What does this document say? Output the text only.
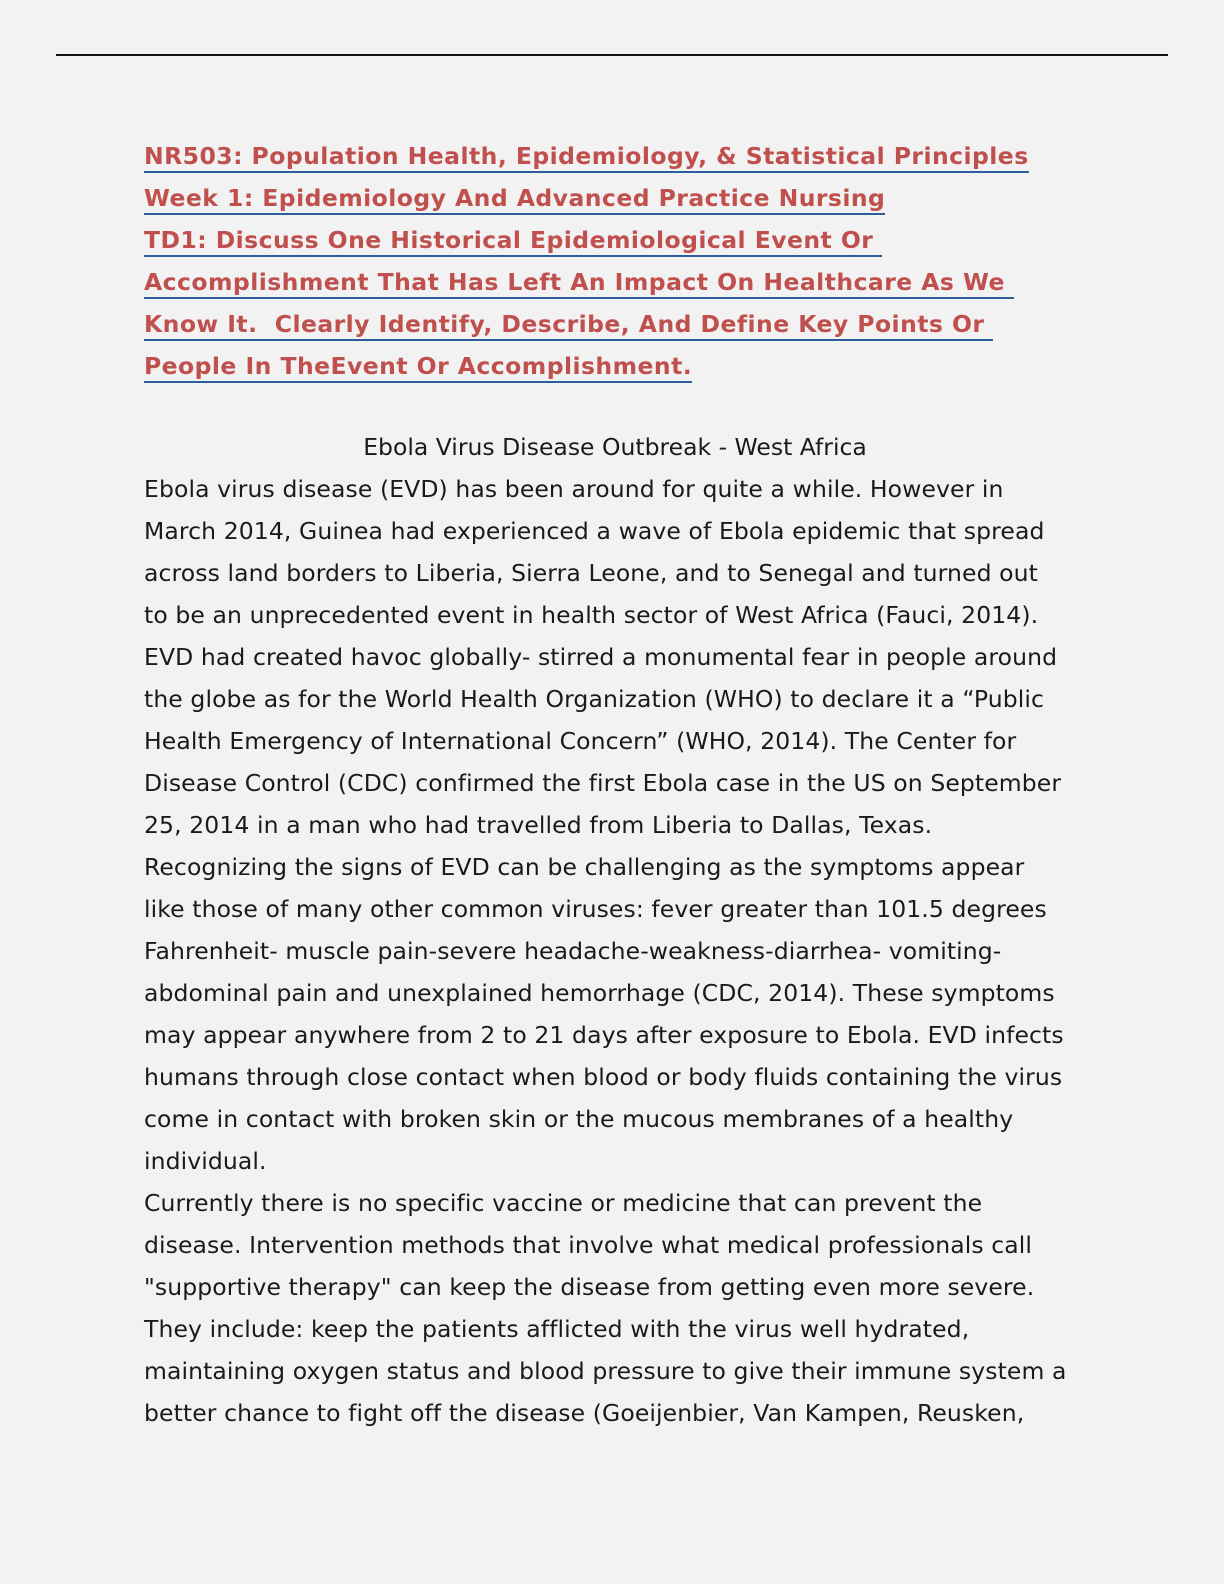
NR503: Population Health, Epidemiology, & Statistical Principles
Week 1: Epidemiology And Advanced Practice Nursing
TD1: Discuss One Historical Epidemiological Event Or
Accomplishment That Has Left An Impact On Healthcare As We
Know It.  Clearly Identify, Describe, And Define Key Points Or
People In TheEvent Or Accomplishment.
Ebola Virus Disease Outbreak - West Africa
Ebola virus disease (EVD) has been around for quite a while. However in
March 2014, Guinea had experienced a wave of Ebola epidemic that spread
across land borders to Liberia, Sierra Leone, and to Senegal and turned out
to be an unprecedented event in health sector of West Africa (Fauci, 2014).
EVD had created havoc globally- stirred a monumental fear in people around
the globe as for the World Health Organization (WHO) to declare it a “Public
Health Emergency of International Concern” (WHO, 2014). The Center for
Disease Control (CDC) confirmed the first Ebola case in the US on September
25, 2014 in a man who had travelled from Liberia to Dallas, Texas.
Recognizing the signs of EVD can be challenging as the symptoms appear
like those of many other common viruses: fever greater than 101.5 degrees
Fahrenheit- muscle pain-severe headache-weakness-diarrhea- vomiting-
abdominal pain and unexplained hemorrhage (CDC, 2014). These symptoms
may appear anywhere from 2 to 21 days after exposure to Ebola. EVD infects
humans through close contact when blood or body fluids containing the virus
come in contact with broken skin or the mucous membranes of a healthy
individual.
Currently there is no specific vaccine or medicine that can prevent the
disease. Intervention methods that involve what medical professionals call
"supportive therapy" can keep the disease from getting even more severe.
They include: keep the patients afflicted with the virus well hydrated,
maintaining oxygen status and blood pressure to give their immune system a
better chance to fight off the disease (Goeijenbier, Van Kampen, Reusken,
